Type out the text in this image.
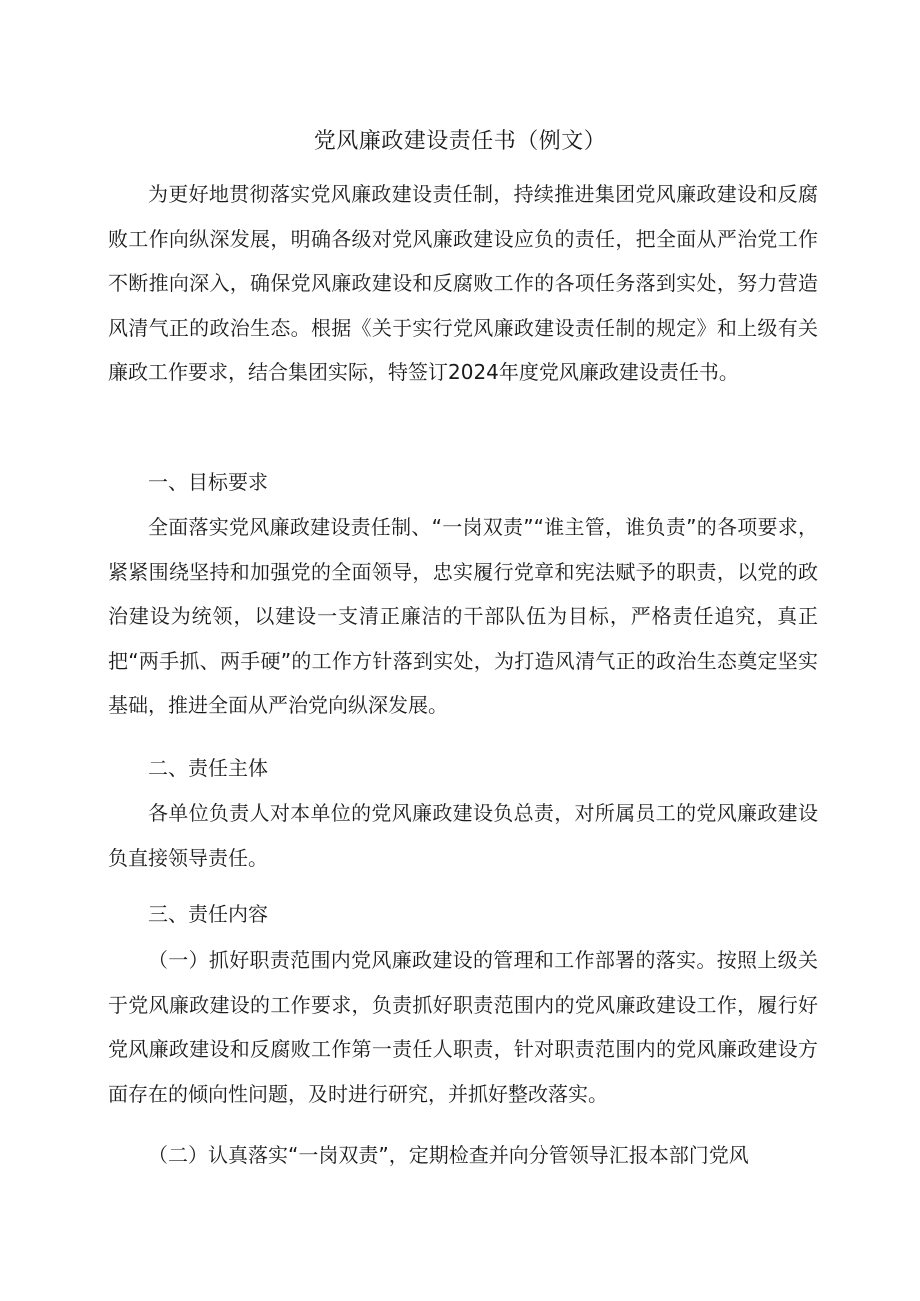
党风廉政建设责任书（例文）

为更好地贯彻落实党风廉政建设责任制，持续推进集团党风廉政建设和反腐败工作向纵深发展，明确各级对党风廉政建设应负的责任，把全面从严治党工作不断推向深入，确保党风廉政建设和反腐败工作的各项任务落到实处，努力营造风清气正的政治生态。根据《关于实行党风廉政建设责任制的规定》和上级有关廉政工作要求，结合集团实际，特签订2024年度党风廉政建设责任书。

一、目标要求

全面落实党风廉政建设责任制、“一岗双责”“谁主管，谁负责”的各项要求，紧紧围绕坚持和加强党的全面领导，忠实履行党章和宪法赋予的职责，以党的政治建设为统领，以建设一支清正廉洁的干部队伍为目标，严格责任追究，真正把“两手抓、两手硬”的工作方针落到实处，为打造风清气正的政治生态奠定坚实基础，推进全面从严治党向纵深发展。

二、责任主体

各单位负责人对本单位的党风廉政建设负总责，对所属员工的党风廉政建设负直接领导责任。

三、责任内容

（一）抓好职责范围内党风廉政建设的管理和工作部署的落实。按照上级关于党风廉政建设的工作要求，负责抓好职责范围内的党风廉政建设工作，履行好党风廉政建设和反腐败工作第一责任人职责，针对职责范围内的党风廉政建设方面存在的倾向性问题，及时进行研究，并抓好整改落实。

（二）认真落实“一岗双责”，定期检查并向分管领导汇报本部门党风
